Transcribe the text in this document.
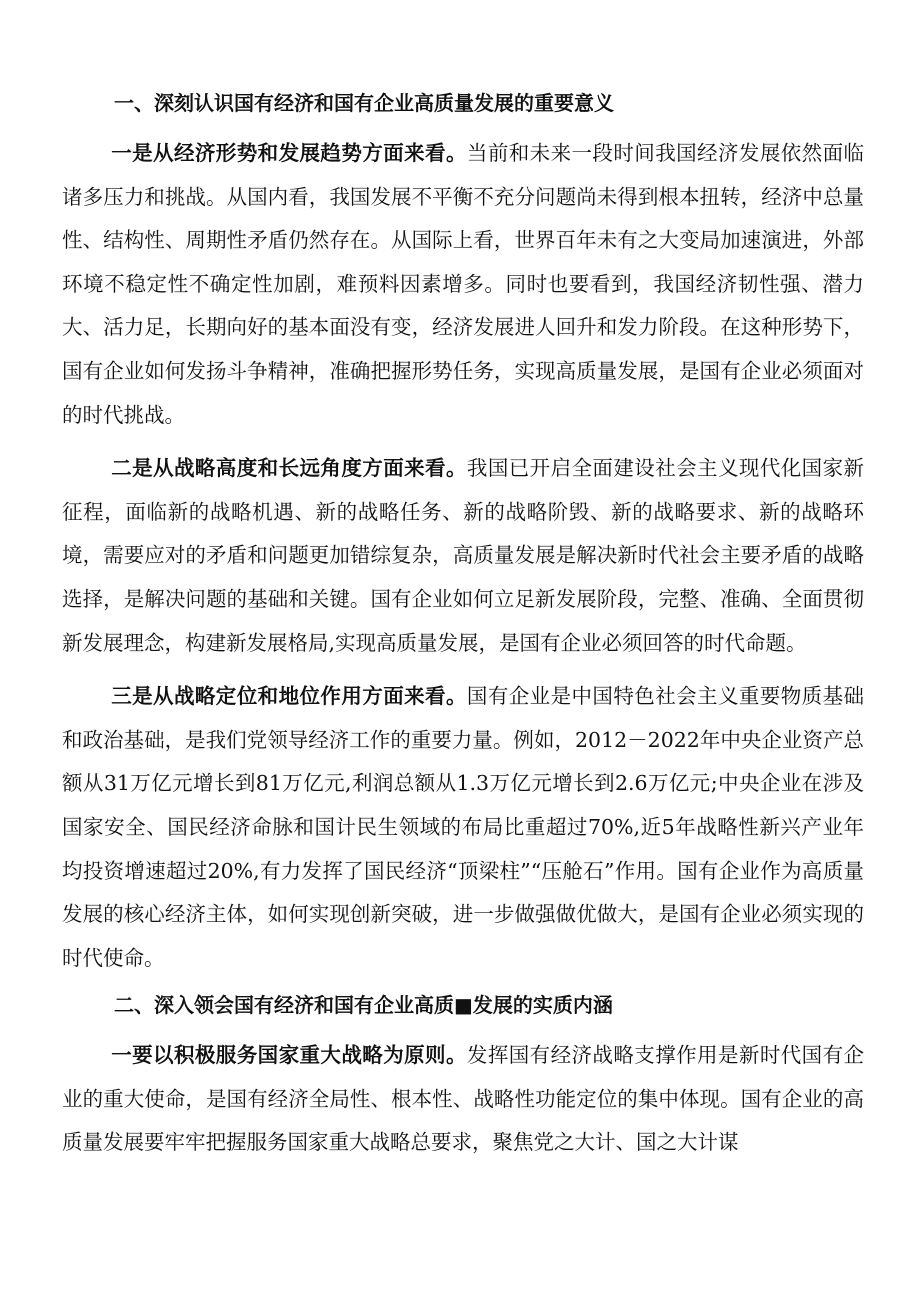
一、深刻认识国有经济和国有企业高质量发展的重要意义

一是从经济形势和发展趋势方面来看。当前和未来一段时间我国经济发展依然面临诸多压力和挑战。从国内看，我国发展不平衡不充分问题尚未得到根本扭转，经济中总量性、结构性、周期性矛盾仍然存在。从国际上看，世界百年未有之大变局加速演进，外部环境不稳定性不确定性加剧，难预料因素增多。同时也要看到，我国经济韧性强、潜力大、活力足，长期向好的基本面没有变，经济发展进人回升和发力阶段。在这种形势下，国有企业如何发扬斗争精神，准确把握形势任务，实现高质量发展，是国有企业必须面对的时代挑战。

二是从战略高度和长远角度方面来看。我国已开启全面建设社会主义现代化国家新征程，面临新的战略机遇、新的战略任务、新的战略阶毁、新的战略要求、新的战略环境，需要应对的矛盾和问题更加错综复杂，高质量发展是解决新时代社会主要矛盾的战略选择，是解决问题的基础和关键。国有企业如何立足新发展阶段，完整、准确、全面贯彻新发展理念，构建新发展格局,实现高质量发展，是国有企业必须回答的时代命题。

三是从战略定位和地位作用方面来看。国有企业是中国特色社会主义重要物质基础和政治基础，是我们党领导经济工作的重要力量。例如，2012－2022年中央企业资产总额从31万亿元增长到81万亿元,利润总额从1.3万亿元增长到2.6万亿元;中央企业在涉及国家安全、国民经济命脉和国计民生领域的布局比重超过70%,近5年战略性新兴产业年均投资增速超过20%,有力发挥了国民经济“顶梁柱”“压舱石”作用。国有企业作为高质量发展的核心经济主体，如何实现创新突破，进一步做强做优做大，是国有企业必须实现的时代使命。

二、深入领会国有经济和国有企业高质■发展的实质内涵

一要以积极服务国家重大战略为原则。发挥国有经济战略支撑作用是新时代国有企业的重大使命，是国有经济全局性、根本性、战略性功能定位的集中体现。国有企业的高质量发展要牢牢把握服务国家重大战略总要求，聚焦党之大计、国之大计谋
